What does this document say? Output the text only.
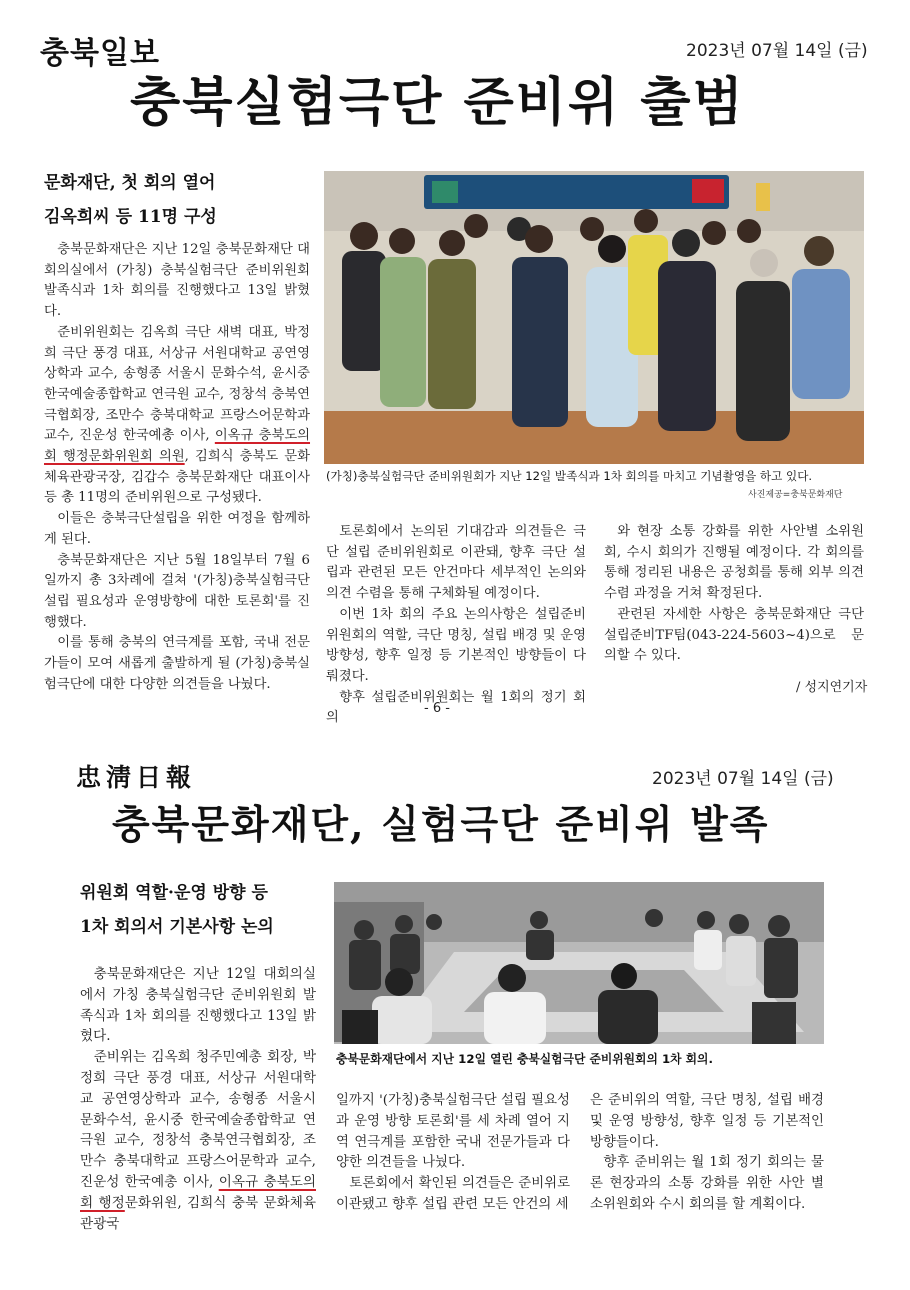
충북일보	2023년 07월 14일 (금)
충북실험극단 준비위 출범
문화재단, 첫 회의 열어
김옥희씨 등 11명 구성
(가칭)충북실험극단 준비위원회가 지난 12일 발족식과 1차 회의를 마치고 기념촬영을 하고 있다.
사진제공=충북문화재단

충북문화재단은 지난 12일 충북문화재단 대회의실에서 (가칭) 충북실험극단 준비위원회 발족식과 1차 회의를 진행했다고 13일 밝혔다.

준비위원회는 김옥희 극단 새벽 대표, 박정희 극단 풍경 대표, 서상규 서원대학교 공연영상학과 교수, 송형종 서울시 문화수석, 윤시중 한국예술종합학교 연극원 교수, 정창석 충북연극협회장, 조만수 충북대학교 프랑스어문학과 교수, 진운성 한국예총 이사, 이옥규 충북도의회 행정문화위원회 의원, 김희식 충북도 문화체육관광국장, 김갑수 충북문화재단 대표이사 등 총 11명의 준비위원으로 구성됐다.

이들은 충북극단설립을 위한 여정을 함께하게 된다.

충북문화재단은 지난 5월 18일부터 7월 6일까지 총 3차례에 걸쳐 '(가칭)충북실험극단 설립 필요성과 운영방향에 대한 토론회'를 진행했다.

이를 통해 충북의 연극계를 포함, 국내 전문가들이 모여 새롭게 출발하게 될 (가칭)충북실험극단에 대한 다양한 의견들을 나눴다.

토론회에서 논의된 기대감과 의견들은 극단 설립 준비위원회로 이관돼, 향후 극단 설립과 관련된 모든 안건마다 세부적인 논의와 의견 수렴을 통해 구체화될 예정이다.

이번 1차 회의 주요 논의사항은 설립준비위원회의 역할, 극단 명칭, 설립 배경 및 운영 방향성, 향후 일정 등 기본적인 방향들이 다뤄졌다.

향후 설립준비위원회는 월 1회의 정기 회의

와 현장 소통 강화를 위한 사안별 소위원회, 수시 회의가 진행될 예정이다. 각 회의를 통해 정리된 내용은 공청회를 통해 외부 의견 수렴 과정을 거쳐 확정된다.

관련된 자세한 사항은 충북문화재단 극단설립준비TF팀(043-224-5603~4)으로 문의할 수 있다.

/ 성지연기자
- 6 -
忠淸日報	2023년 07월 14일 (금)
충북문화재단, 실험극단 준비위 발족
위원회 역할·운영 방향 등
1차 회의서 기본사항 논의
충북문화재단에서 지난 12일 열린 충북실험극단 준비위원회의 1차 회의.

충북문화재단은 지난 12일 대회의실에서 가칭 충북실험극단 준비위원회 발족식과 1차 회의를 진행했다고 13일 밝혔다.

준비위는 김옥희 청주민예총 회장, 박정희 극단 풍경 대표, 서상규 서원대학교 공연영상학과 교수, 송형종 서울시 문화수석, 윤시중 한국예술종합학교 연극원 교수, 정창석 충북연극협회장, 조만수 충북대학교 프랑스어문학과 교수, 진운성 한국예총 이사, 이옥규 충북도의회 행정문화위원, 김희식 충북 문화체육관광국

일까지 '(가칭)충북실험극단 설립 필요성과 운영 방향 토론회'를 세 차례 열어 지역 연극계를 포함한 국내 전문가들과 다양한 의견들을 나눴다.

토론회에서 확인된 의견들은 준비위로 이관됐고 향후 설립 관련 모든 안건의 세

은 준비위의 역할, 극단 명칭, 설립 배경 및 운영 방향성, 향후 일정 등 기본적인 방향들이다.

향후 준비위는 월 1회 정기 회의는 물론 현장과의 소통 강화를 위한 사안 별 소위원회와 수시 회의를 할 계획이다.
